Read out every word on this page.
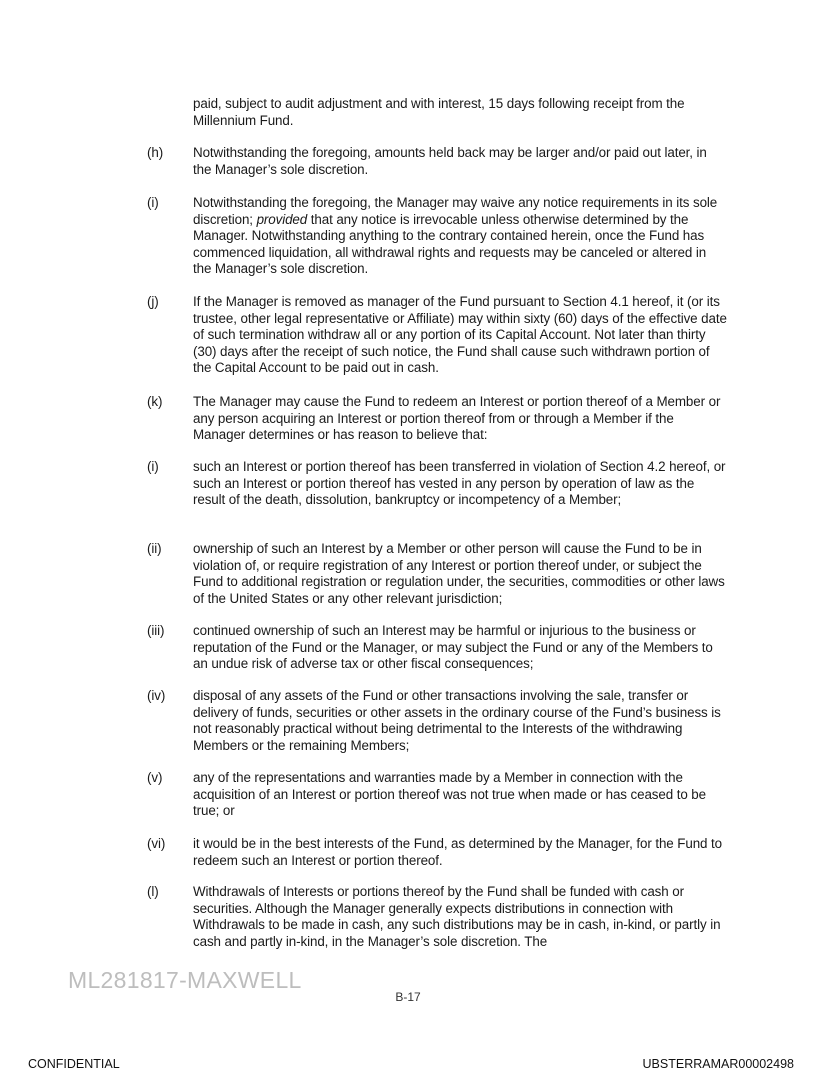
paid, subject to audit adjustment and with interest, 15 days following receipt from the Millennium Fund.
(h) Notwithstanding the foregoing, amounts held back may be larger and/or paid out later, in the Manager’s sole discretion.
(i)	Notwithstanding the foregoing, the Manager may waive any notice requirements in its sole discretion; provided that any notice is irrevocable unless otherwise determined by the Manager. Notwithstanding anything to the contrary contained herein, once the Fund has commenced liquidation, all withdrawal rights and requests may be canceled or altered in the Manager’s sole discretion.
(j)	If the Manager is removed as manager of the Fund pursuant to Section 4.1 hereof, it (or its trustee, other legal representative or Affiliate) may within sixty (60) days of the effective date of such termination withdraw all or any portion of its Capital Account. Not later than thirty (30) days after the receipt of such notice, the Fund shall cause such withdrawn portion of the Capital Account to be paid out in cash.
(k) The Manager may cause the Fund to redeem an Interest or portion thereof of a Member or any person acquiring an Interest or portion thereof from or through a Member if the Manager determines or has reason to believe that:
(i)	such an Interest or portion thereof has been transferred in violation of Section 4.2 hereof, or such an Interest or portion thereof has vested in any person by operation of law as the result of the death, dissolution, bankruptcy or incompetency of a Member;
(ii) ownership of such an Interest by a Member or other person will cause the Fund to be in violation of, or require registration of any Interest or portion thereof under, or subject the Fund to additional registration or regulation under, the securities, commodities or other laws of the United States or any other relevant jurisdiction;
(iii) continued ownership of such an Interest may be harmful or injurious to the business or reputation of the Fund or the Manager, or may subject the Fund or any of the Members to an undue risk of adverse tax or other fiscal consequences;
(iv) disposal of any assets of the Fund or other transactions involving the sale, transfer or delivery of funds, securities or other assets in the ordinary course of the Fund’s business is not reasonably practical without being detrimental to the Interests of the withdrawing Members or the remaining Members;
(v) any of the representations and warranties made by a Member in connection with the acquisition of an Interest or portion thereof was not true when made or has ceased to be true; or
(vi) it would be in the best interests of the Fund, as determined by the Manager, for the Fund to redeem such an Interest or portion thereof.
(l)	Withdrawals of Interests or portions thereof by the Fund shall be funded with cash or securities. Although the Manager generally expects distributions in connection with Withdrawals to be made in cash, any such distributions may be in cash, in-kind, or partly in cash and partly in-kind, in the Manager’s sole discretion. The
ML281817-MAXWELL
B-17
CONFIDENTIAL	UBSTERRAMAR00002498
